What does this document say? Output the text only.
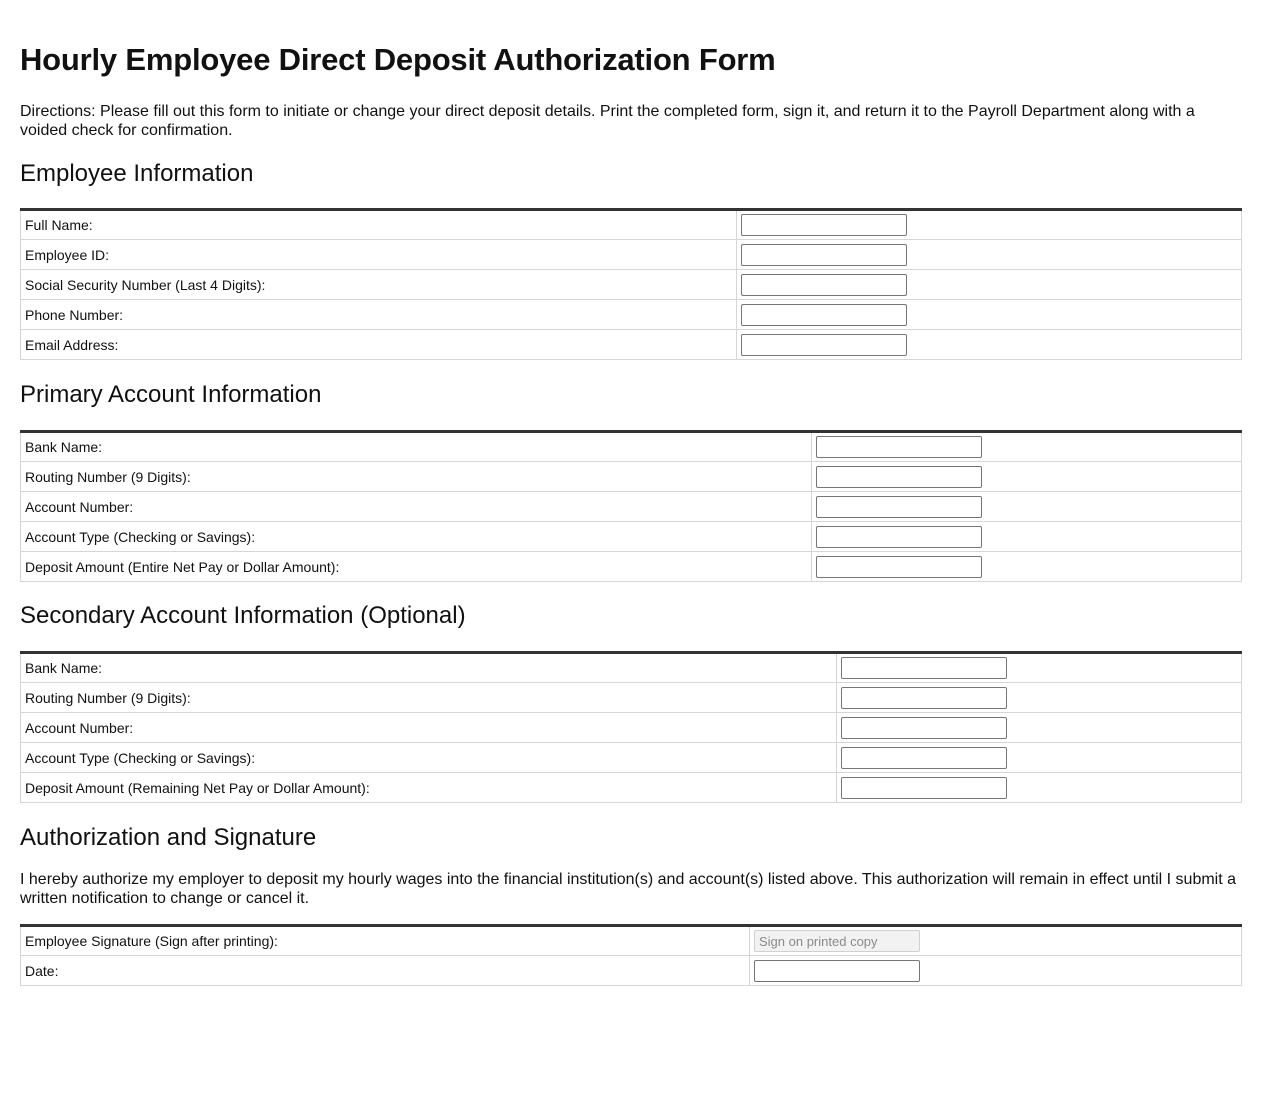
Hourly Employee Direct Deposit Authorization Form

Directions: Please fill out this form to initiate or change your direct deposit details. Print the completed form, sign it, and return it to the Payroll Department along with a voided check for confirmation.

Employee Information
Full Name:	

Employee ID:	

Social Security Number (Last 4 Digits):	

Phone Number:	

Email Address:	
Primary Account Information
Bank Name:	

Routing Number (9 Digits):	

Account Number:	

Account Type (Checking or Savings):	

Deposit Amount (Entire Net Pay or Dollar Amount):	
Secondary Account Information (Optional)
Bank Name:	

Routing Number (9 Digits):	

Account Number:	

Account Type (Checking or Savings):	

Deposit Amount (Remaining Net Pay or Dollar Amount):	
Authorization and Signature

I hereby authorize my employer to deposit my hourly wages into the financial institution(s) and account(s) listed above. This authorization will remain in effect until I submit a written notification to change or cancel it.

Employee Signature (Sign after printing):	
Sign on printed copy
Date:	
